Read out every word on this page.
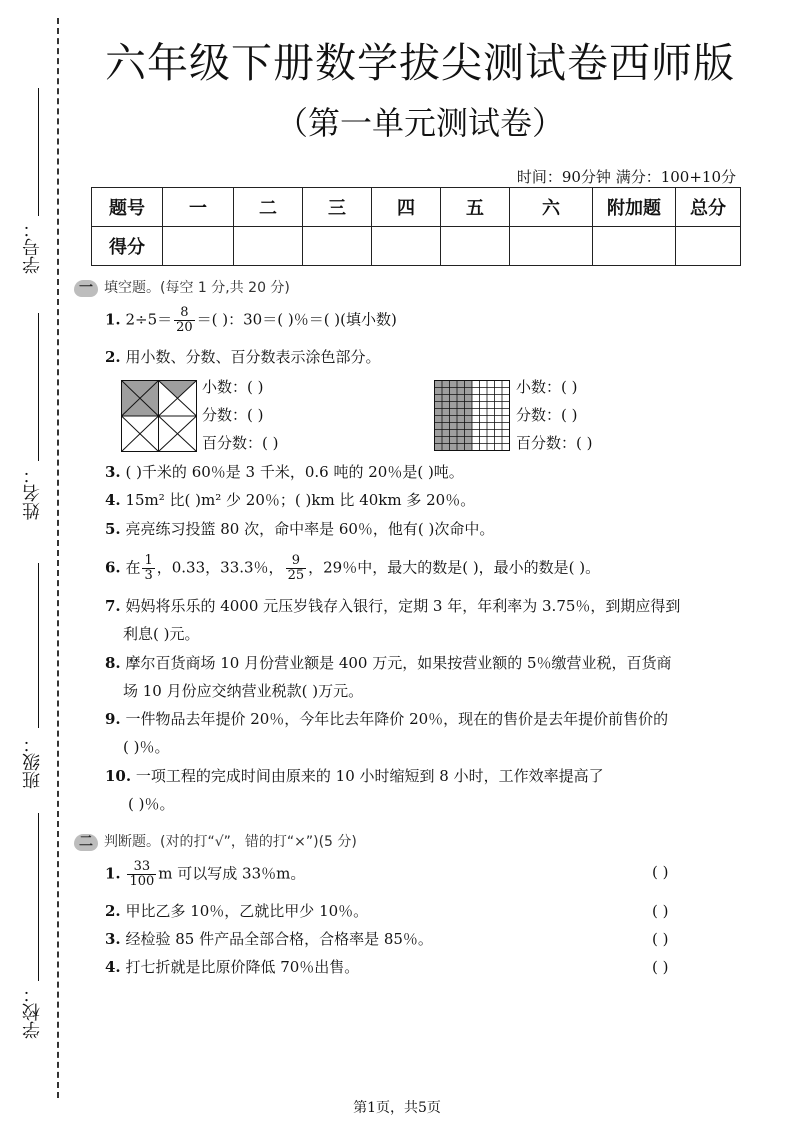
学号：
姓名：
班级：
学校：
六年级下册数学拔尖测试卷西师版
（第一单元测试卷）
时间：90分钟 满分：100+10分
题号	一	二	三	四	五	六	附加题	总分
得分								
一 填空题。(每空 1 分,共 20 分)
1. $2\div 5= \frac{8}{20}$ ＝( )：30＝( )％＝( )(填小数)
2. 用小数、分数、百分数表示涂色部分。
小数：( )
分数：( )
百分数：( )
小数：( )
分数：( )
百分数：( )
3. ( )千米的 60％是 3 千米，0.6 吨的 20％是( )吨。
4. 15m² 比( )m² 少 20％；( )km 比 40km 多 20％。
5. 亮亮练习投篮 80 次，命中率是 60％，他有( )次命中。
6. 在 $\frac{1}{3}$ ，0.33，33.3％， $\frac{9}{25}$ ，29％中，最大的数是( )，最小的数是( )。
7. 妈妈将乐乐的 4000 元压岁钱存入银行，定期 3 年，年利率为 3.75％，到期应得到
利息( )元。
8. 摩尔百货商场 10 月份营业额是 400 万元，如果按营业额的 5％缴营业税，百货商
场 10 月份应交纳营业税款( )万元。
9. 一件物品去年提价 20％，今年比去年降价 20％，现在的售价是去年提价前售价的
( )％。
10. 一项工程的完成时间由原来的 10 小时缩短到 8 小时，工作效率提高了
( )％。
二 判断题。(对的打“√”，错的打“×”)(5 分)
1. $\frac{33}{100}$ m 可以写成 33％m。	( )
2. 甲比乙多 10％，乙就比甲少 10％。	( )
3. 经检验 85 件产品全部合格，合格率是 85％。	( )
4. 打七折就是比原价降低 70％出售。	( )
第1页，共5页
